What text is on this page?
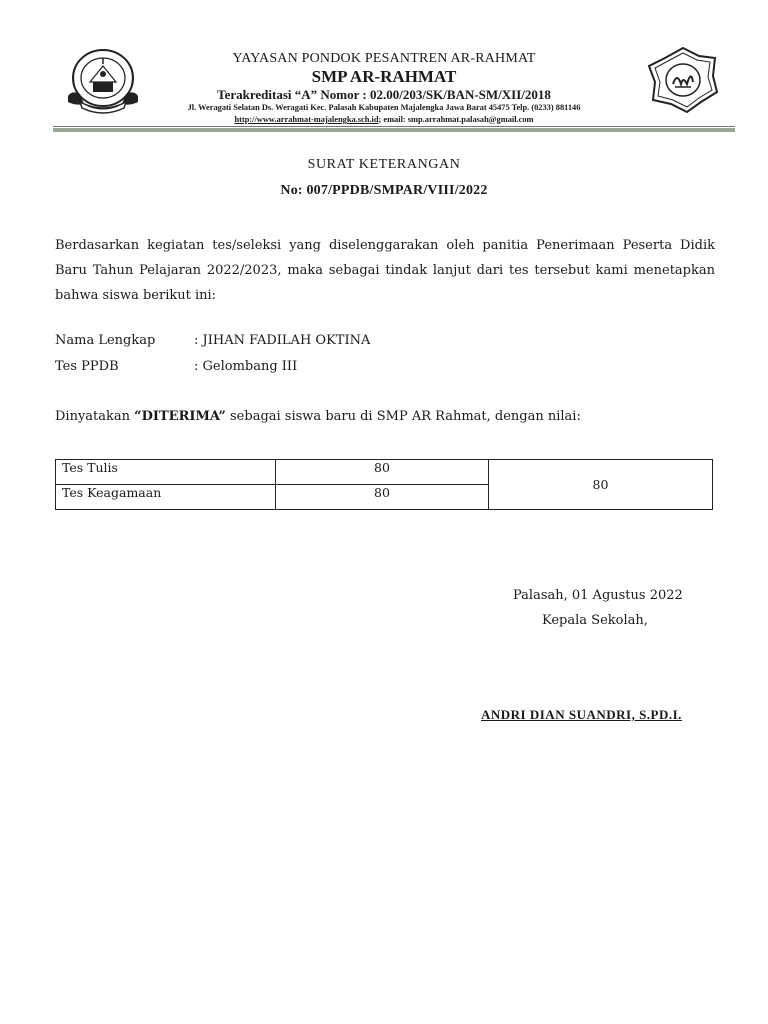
YAYASAN PONDOK PESANTREN AR-RAHMAT
SMP AR-RAHMAT
Terakreditasi “A” Nomor : 02.00/203/SK/BAN-SM/XII/2018
Jl. Weragati Selatan Ds. Weragati Kec. Palasah Kabupaten Majalengka Jawa Barat 45475 Telp. (0233) 881146
http://www.arrahmat-majalengka.sch.id; email: smp.arrahmat.palasah@gmail.com
SURAT KETERANGAN
No: 007/PPDB/SMPAR/VIII/2022
Berdasarkan kegiatan tes/seleksi yang diselenggarakan oleh panitia Penerimaan Peserta Didik Baru Tahun Pelajaran 2022/2023, maka sebagai tindak lanjut dari tes tersebut kami menetapkan bahwa siswa berikut ini:
Nama Lengkap	: JIHAN FADILAH OKTINA
Tes PPDB	: Gelombang III
Dinyatakan “DITERIMA” sebagai siswa baru di SMP AR Rahmat, dengan nilai:
Tes Tulis	80	80
Tes Keagamaan	80	
Palasah, 01 Agustus 2022
Kepala Sekolah,
ANDRI DIAN SUANDRI, S.PD.I.
